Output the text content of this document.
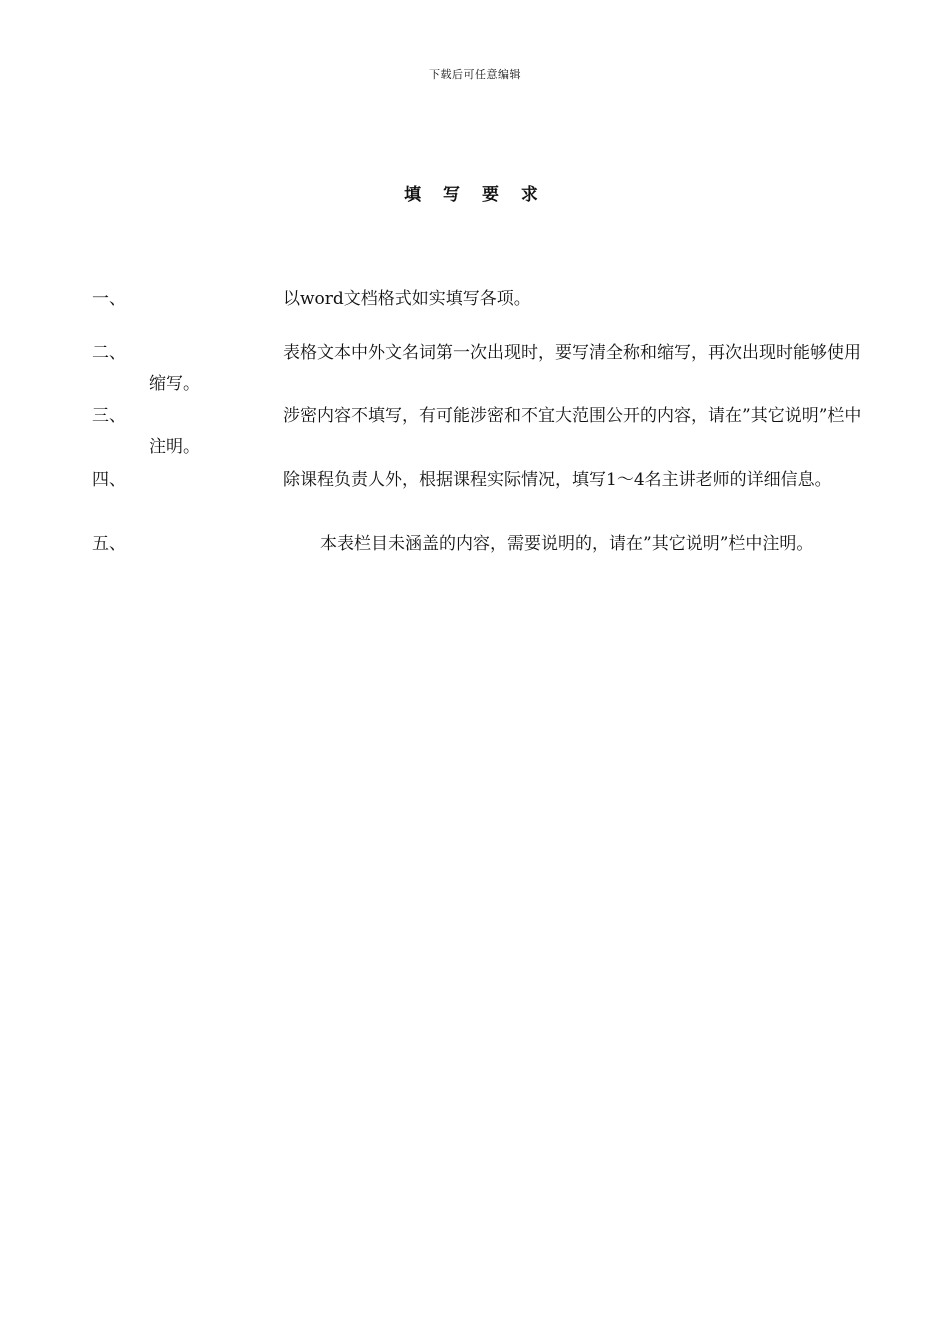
下载后可任意编辑
填 写 要 求
一、	以word文档格式如实填写各项。
二、	表格文本中外文名词第一次出现时，要写清全称和缩写，再次出现时能够使用缩写。
三、	涉密内容不填写，有可能涉密和不宜大范围公开的内容，请在”其它说明”栏中注明。
四、	除课程负责人外，根据课程实际情况，填写1～4名主讲老师的详细信息。
五、	本表栏目未涵盖的内容，需要说明的，请在”其它说明”栏中注明。
